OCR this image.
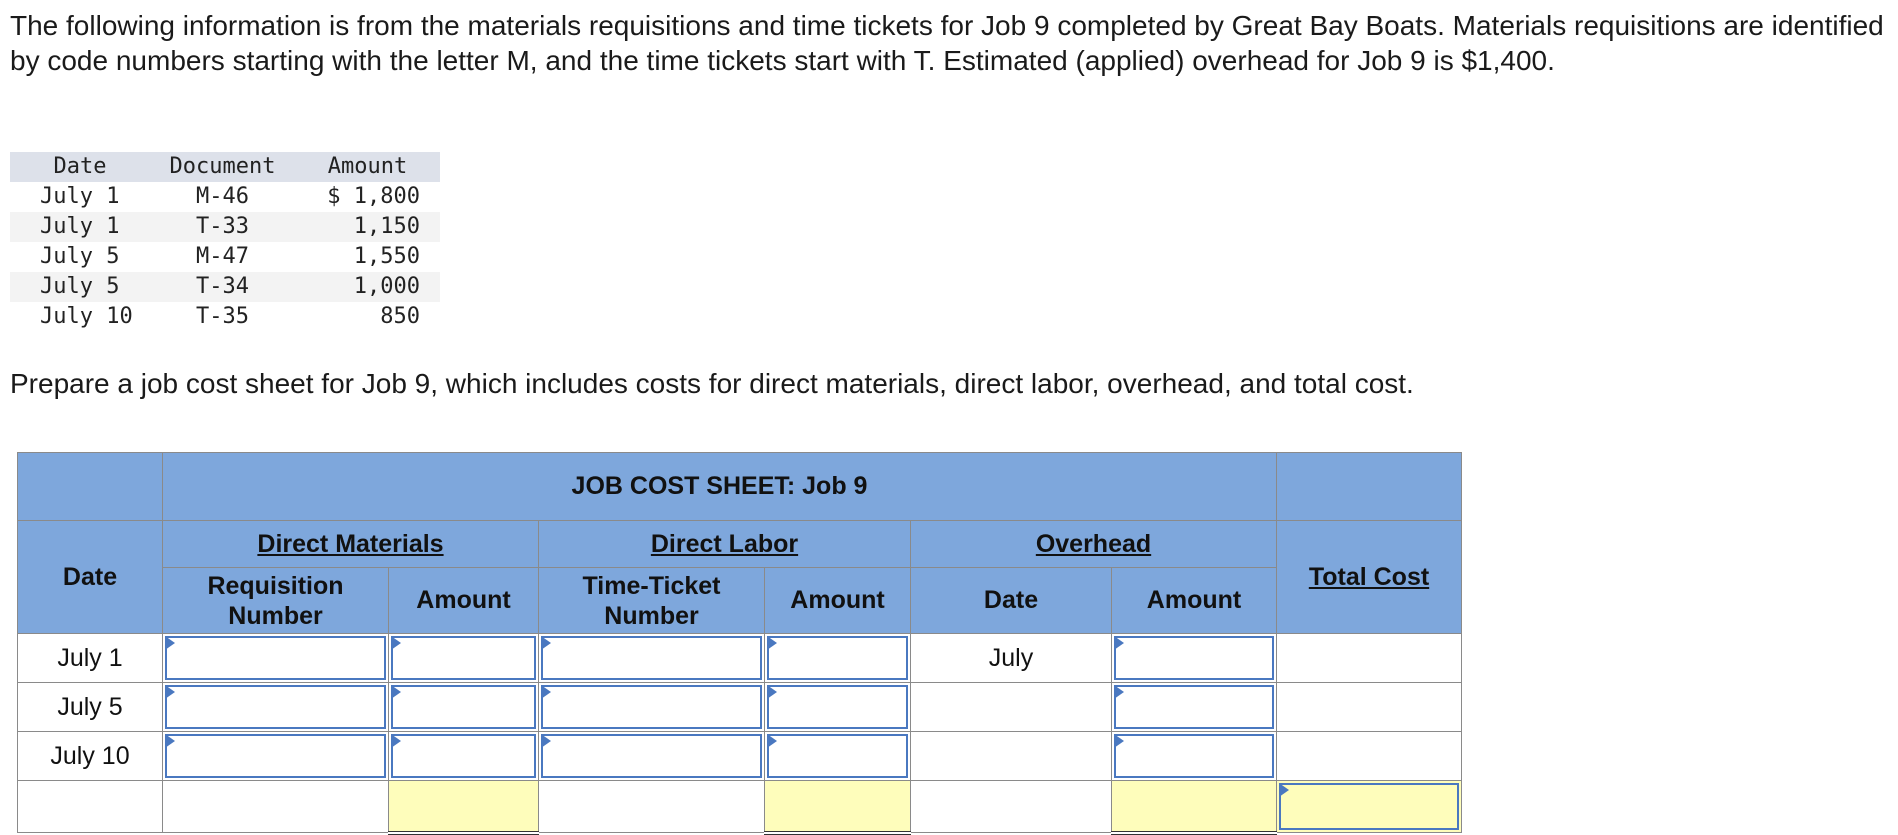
The following information is from the materials requisitions and time tickets for Job 9 completed by Great Bay Boats. Materials requisitions are identified by code numbers starting with the letter M, and the time tickets start with T. Estimated (applied) overhead for Job 9 is $1,400.

Date	Document	Amount
July 1	M-46	$ 1,800
July 1	T-33	1,150
July 5	M-47	1,550
July 5	T-34	1,000
July 10	T-35	850

Prepare a job cost sheet for Job 9, which includes costs for direct materials, direct labor, overhead, and total cost.

	JOB COST SHEET: Job 9						
Date	Direct Materials		Direct Labor		Overhead		Total Cost
	Requisition Number	Amount	Time-Ticket Number	Amount	Date	Amount	
July 1					July	

July 5	

July 10	
